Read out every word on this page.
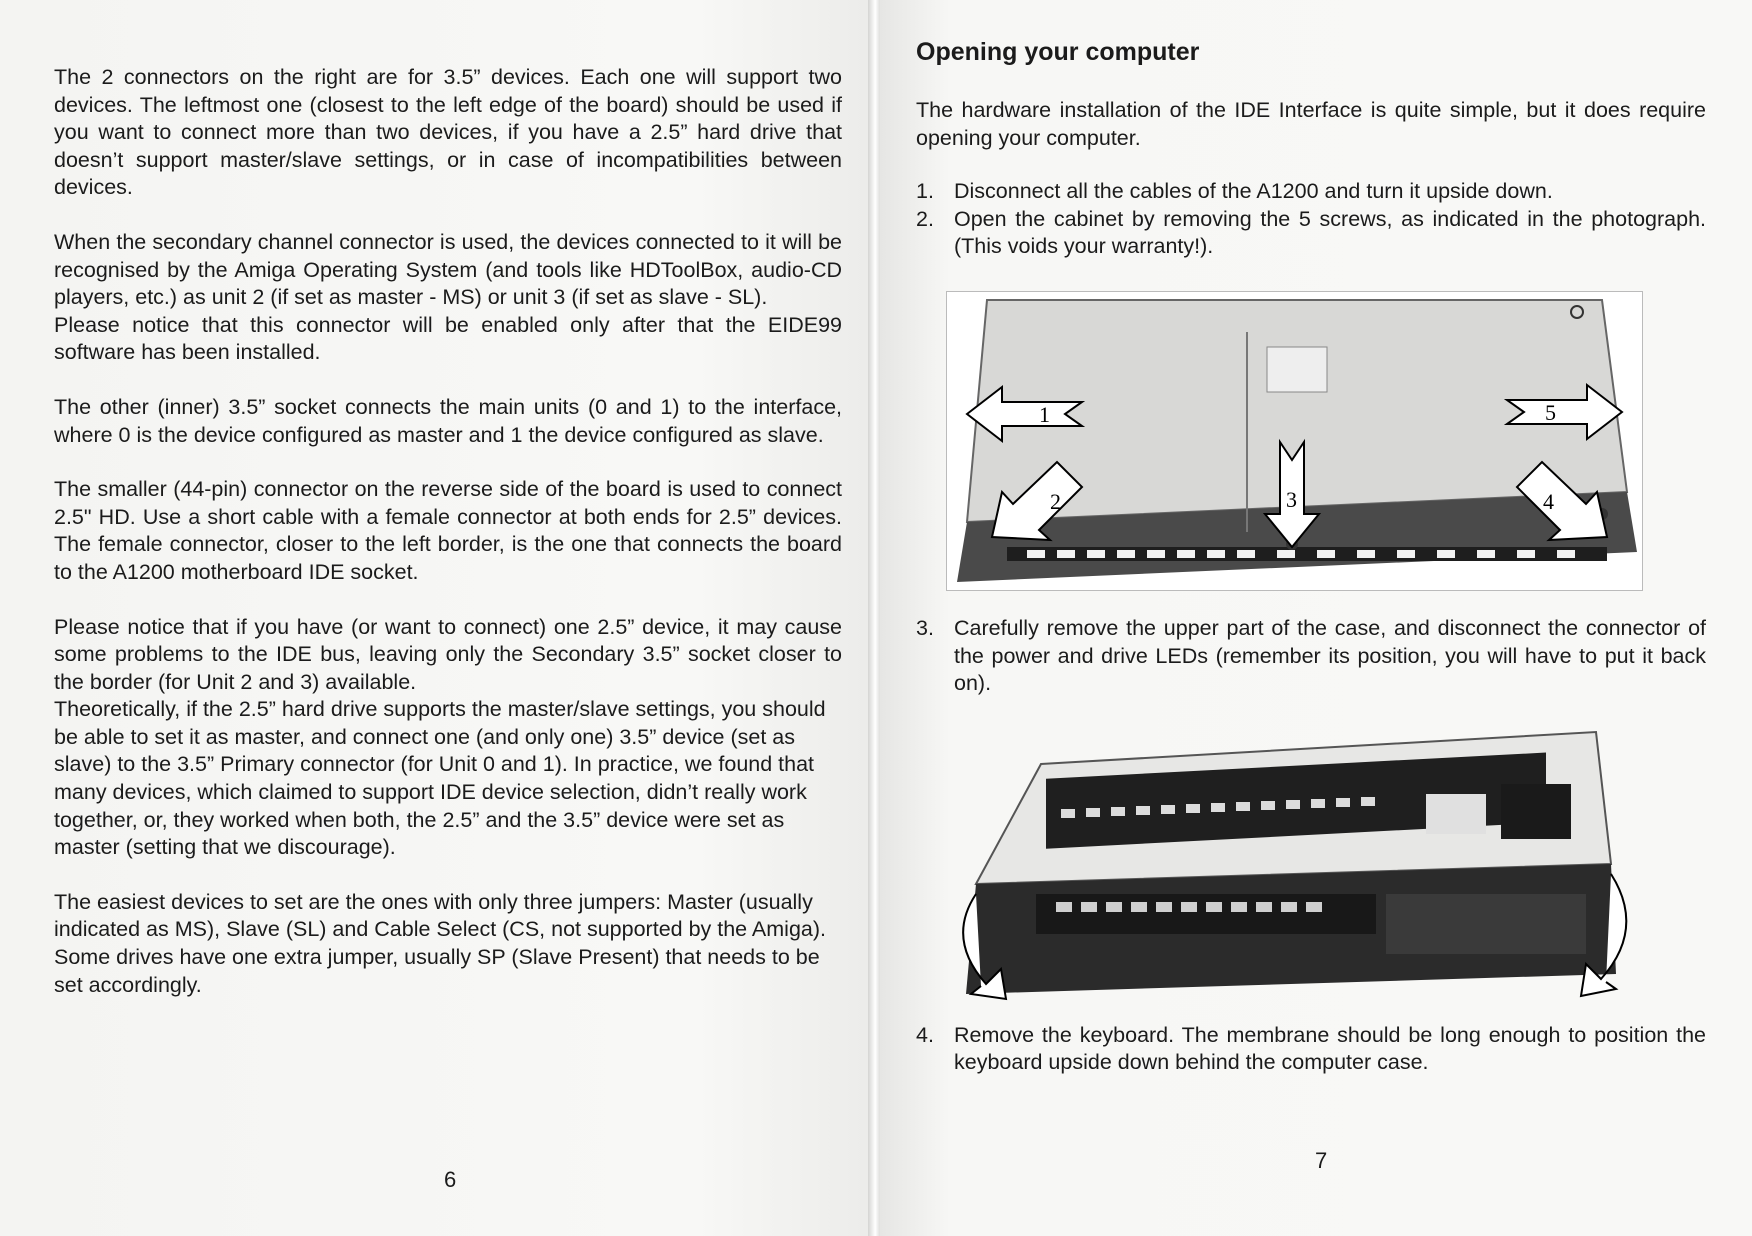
The 2 connectors on the right are for 3.5” devices. Each one will support two devices. The leftmost one (closest to the left edge of the board) should be used if you want to connect more than two devices, if you have a 2.5” hard drive that doesn’t support master/slave settings, or in case of incompatibilities between devices.

When the secondary channel connector is used, the devices connected to it will be recognised by the Amiga Operating System (and tools like HDToolBox, audio-CD players, etc.) as unit 2 (if set as master - MS) or unit 3 (if set as slave - SL).

Please notice that this connector will be enabled only after that the EIDE99 software has been installed.

The other (inner) 3.5” socket connects the main units (0 and 1) to the interface, where 0 is the device configured as master and 1 the device configured as slave.

The smaller (44-pin) connector on the reverse side of the board is used to connect 2.5" HD. Use a short cable with a female connector at both ends for 2.5” devices. The female connector, closer to the left border, is the one that connects the board to the A1200 motherboard IDE socket.

Please notice that if you have (or want to connect) one 2.5” device, it may cause some problems to the IDE bus, leaving only the Secondary 3.5” socket closer to the border (for Unit 2 and 3) available.

Theoretically, if the 2.5” hard drive supports the master/slave settings, you should be able to set it as master, and connect one (and only one) 3.5” device (set as slave) to the 3.5” Primary connector (for Unit 0 and 1). In practice, we found that many devices, which claimed to support IDE device selection, didn’t really work together, or, they worked when both, the 2.5” and the 3.5” device were set as master (setting that we discourage).

The easiest devices to set are the ones with only three jumpers: Master (usually indicated as MS), Slave (SL) and Cable Select (CS, not supported by the Amiga).

Some drives have one extra jumper, usually SP (Slave Present) that needs to be set accordingly.

6
Opening your computer

The hardware installation of the IDE Interface is quite simple, but it does require opening your computer.

1. Disconnect all the cables of the A1200 and turn it upside down.
2. Open the cabinet by removing the 5 screws, as indicated in the photograph. (This voids your warranty!).
1
2	3	4
5
3. Carefully remove the upper part of the case, and disconnect the connector of the power and drive LEDs (remember its position, you will have to put it back on).
4. Remove the keyboard. The membrane should be long enough to position the keyboard upside down behind the computer case.
7
